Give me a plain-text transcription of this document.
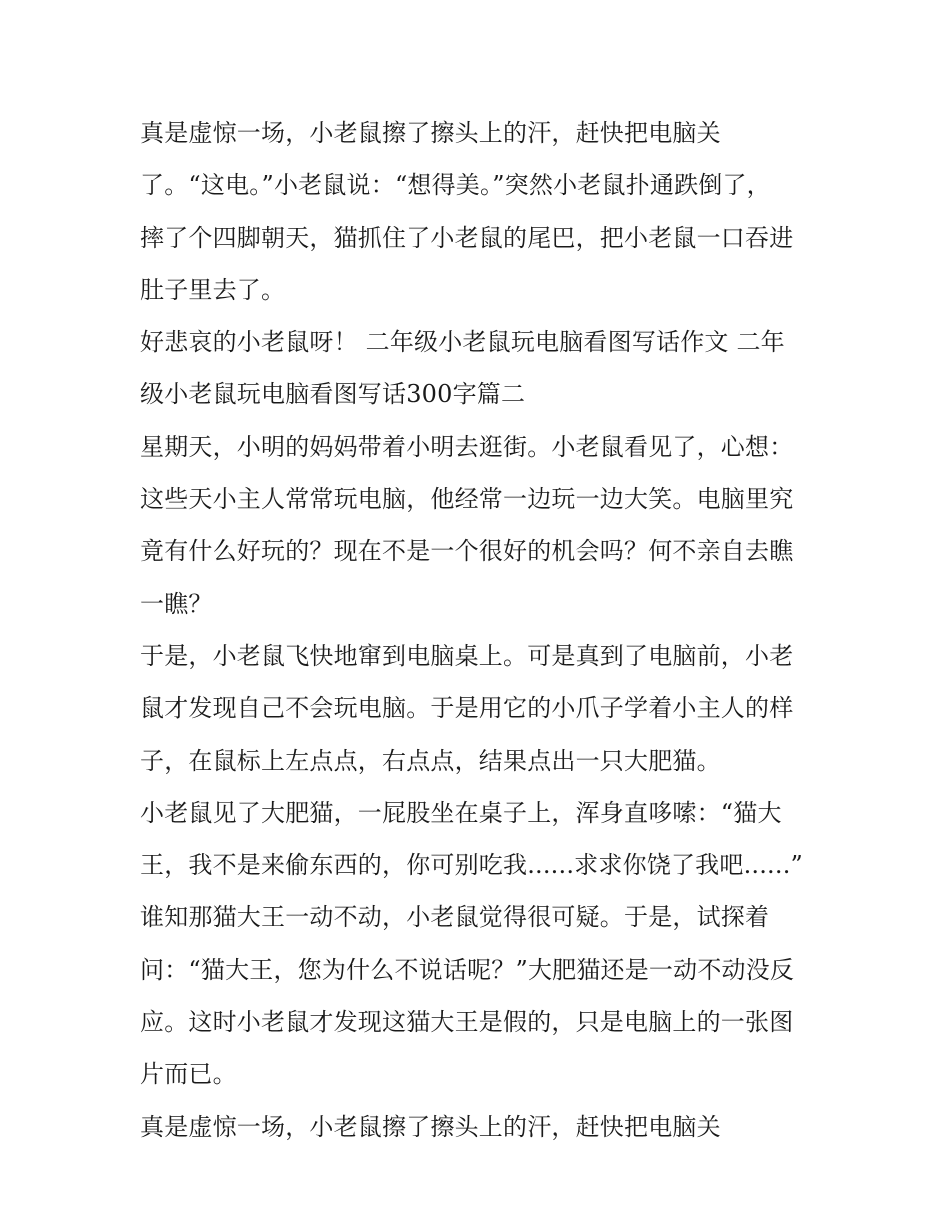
真是虚惊一场，小老鼠擦了擦头上的汗，赶快把电脑关
了。“这电。”小老鼠说：“想得美。”突然小老鼠扑通跌倒了，
摔了个四脚朝天，猫抓住了小老鼠的尾巴，把小老鼠一口吞进
肚子里去了。
好悲哀的小老鼠呀！ 二年级小老鼠玩电脑看图写话作文 二年
级小老鼠玩电脑看图写话300字篇二
星期天，小明的妈妈带着小明去逛街。小老鼠看见了，心想：
这些天小主人常常玩电脑，他经常一边玩一边大笑。电脑里究
竟有什么好玩的？现在不是一个很好的机会吗？何不亲自去瞧
一瞧？
于是，小老鼠飞快地窜到电脑桌上。可是真到了电脑前，小老
鼠才发现自己不会玩电脑。于是用它的小爪子学着小主人的样
子，在鼠标上左点点，右点点，结果点出一只大肥猫。
小老鼠见了大肥猫，一屁股坐在桌子上，浑身直哆嗦：“猫大
王，我不是来偷东西的，你可别吃我......求求你饶了我吧......”
谁知那猫大王一动不动，小老鼠觉得很可疑。于是，试探着
问：“猫大王，您为什么不说话呢？”大肥猫还是一动不动没反
应。这时小老鼠才发现这猫大王是假的，只是电脑上的一张图
片而已。
真是虚惊一场，小老鼠擦了擦头上的汗，赶快把电脑关
